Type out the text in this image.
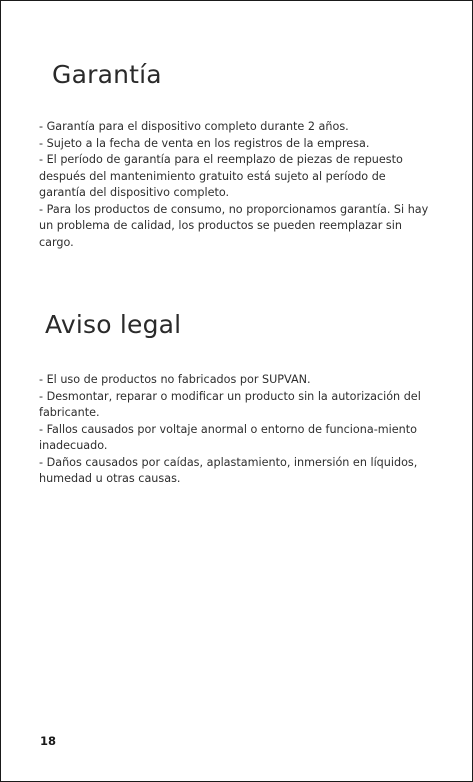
Garantía
- Garantía para el dispositivo completo durante 2 años.
- Sujeto a la fecha de venta en los registros de la empresa.
- El período de garantía para el reemplazo de piezas de repuesto después del mantenimiento gratuito está sujeto al período de garantía del dispositivo completo.
- Para los productos de consumo, no proporcionamos garantía. Si hay un problema de calidad, los productos se pueden reemplazar sin cargo.
Aviso legal
- El uso de productos no fabricados por SUPVAN.
- Desmontar, reparar o modificar un producto sin la autorización del fabricante.
- Fallos causados por voltaje anormal o entorno de funciona-miento inadecuado.
- Daños causados por caídas, aplastamiento, inmersión en líquidos, humedad u otras causas.
18
